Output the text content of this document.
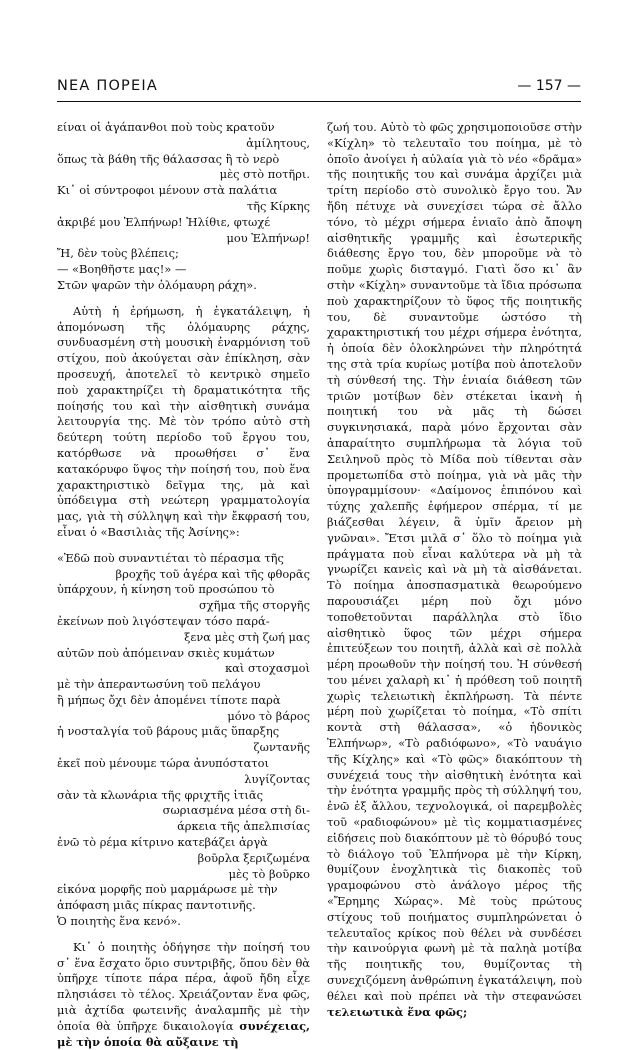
ΝΕΑ ΠΟΡΕΙΑ	— 157 —
είναι οἱ ἀγάπανθοι ποὺ τοὺς κρατοῦν
ἀμίλητους,
ὅπως τὰ βάθη τῆς θάλασσας ἢ τὸ νερὸ
μὲς στὸ ποτῆρι.
Κι᾽ οἱ σύντροφοι μένουν στὰ παλάτια
τῆς Κίρκης
ἀκριβέ μου Ἐλπήνωρ! Ἠλίθιε, φτωχέ
μου Ἐλπήνωρ!
Ἤ, δὲν τοὺς βλέπεις;
— «Βοηθῆστε μας!» —
Στῶν ψαρῶν τὴν ὁλόμαυρη ράχη».

Αὐτὴ ἡ ἐρήμωση, ἡ ἐγκατάλειψη, ἡ ἀπομόνωση τῆς ὁλόμαυρης ράχης, συνδυασμένη στὴ μουσικὴ ἐναρμόνιση τοῦ στίχου, ποὺ ἀκούγεται σὰν ἐπίκληση, σὰν προσευχή, ἀποτελεῖ τὸ κεντρικὸ σημεῖο ποὺ χαρακτηρίζει τὴ δραματικότητα τῆς ποίησής του καὶ τὴν αἰσθητικὴ συνάμα λειτουργία της. Μὲ τὸν τρόπο αὐτὸ στὴ δεύτερη τούτη περίοδο τοῦ ἔργου του, κατόρθωσε νὰ προωθήσει σ᾽ ἕνα κατακόρυφο ὕψος τὴν ποίησή του, ποὺ ἕνα χαρακτηριστικὸ δεῖγμα της, μὰ καὶ ὑπόδειγμα στὴ νεώτερη γραμματολογία μας, γιὰ τὴ σύλληψη καὶ τὴν ἔκφρασή του, εἶναι ὁ «Βασιλιὰς τῆς Ἀσίνης»:

«Ἐδῶ ποὺ συναντιέται τὸ πέρασμα τῆς
βροχῆς τοῦ ἀγέρα καὶ τῆς φθορᾶς
ὑπάρχουν, ἡ κίνηση τοῦ προσώπου τὸ
σχῆμα τῆς στοργῆς
ἐκείνων ποὺ λιγόστεψαν τόσο παρά-
ξενα μὲς στὴ ζωή μας
αὐτῶν ποὺ ἀπόμειναν σκιὲς κυμάτων
καὶ στοχασμοὶ
μὲ τὴν ἀπεραντωσύνη τοῦ πελάγου
ἢ μήπως ὄχι δὲν ἀπομένει τίποτε παρὰ
μόνο τὸ βάρος
ἡ νοσταλγία τοῦ βάρους μιᾶς ὕπαρξης
ζωντανῆς
ἐκεῖ ποὺ μένουμε τώρα ἀνυπόστατοι
λυγίζοντας
σὰν τὰ κλωνάρια τῆς φριχτῆς ἰτιᾶς
σωριασμένα μέσα στὴ δι-
άρκεια τῆς ἀπελπισίας
ἐνῶ τὸ ρέμα κίτρινο κατεβάζει ἀργὰ
βοῦρλα ξεριζωμένα
μὲς τὸ βοῦρκο
εἰκόνα μορφῆς ποὺ μαρμάρωσε μὲ τὴν
ἀπόφαση μιᾶς πίκρας παντοτινῆς.
Ὁ ποιητὴς ἕνα κενό».

Κι᾽ ὁ ποιητὴς ὁδήγησε τὴν ποίησή του σ᾽ ἕνα ἔσχατο ὅριο συντριβῆς, ὅπου δὲν θὰ ὑπῆρχε τίποτε πάρα πέρα, ἀφοῦ ἤδη εἶχε πλησιάσει τὸ τέλος. Χρειάζονταν ἕνα φῶς, μιὰ ἀχτίδα φωτεινῆς ἀναλαμπῆς μὲ τὴν ὁποία θὰ ὑπῆρχε δικαιολογία συνέχειας, μὲ τὴν ὁποία θὰ αὔξαινε τὴ

ζωή του. Αὐτὸ τὸ φῶς χρησιμοποιοῦσε στὴν «Κίχλη» τὸ τελευταῖο του ποίημα, μὲ τὸ ὁποῖο ἀνοίγει ἡ αὐλαία γιὰ τὸ νέο «δρᾶμα» τῆς ποιητικῆς του καὶ συνάμα ἀρχίζει μιὰ τρίτη περίοδο στὸ συνολικὸ ἔργο του. Ἄν ἤδη πέτυχε νὰ συνεχίσει τώρα σὲ ἄλλο τόνο, τὸ μέχρι σήμερα ἑνιαῖο ἀπὸ ἄποψη αἰσθητικῆς γραμμῆς καὶ ἐσωτερικῆς διάθεσης ἔργο του, δὲν μποροῦμε νὰ τὸ ποῦμε χωρὶς δισταγμό. Γιατὶ ὅσο κι᾽ ἂν στὴν «Κίχλη» συναντοῦμε τὰ ἴδια πρόσωπα ποὺ χαρακτηρίζουν τὸ ὕφος τῆς ποιητικῆς του, δὲ συναντοῦμε ὡστόσο τὴ χαρακτηριστική του μέχρι σήμερα ἑνότητα, ἡ ὁποία δὲν ὁλοκληρώνει τὴν πληρότητά της στὰ τρία κυρίως μοτίβα ποὺ ἀποτελοῦν τὴ σύνθεσή της. Τὴν ἑνιαία διάθεση τῶν τριῶν μοτίβων δὲν στέκεται ἱκανὴ ἡ ποιητική του νὰ μᾶς τὴ δώσει συγκινησιακά, παρὰ μόνο ἔρχονται σὰν ἀπαραίτητο συμπλήρωμα τὰ λόγια τοῦ Σειληνοῦ πρὸς τὸ Μίδα ποὺ τίθενται σὰν προμετωπίδα στὸ ποίημα, γιὰ νὰ μᾶς τὴν ὑπογραμμίσουν· «Δαίμονος ἐπιπόνου καὶ τύχης χαλεπῆς ἐφήμερον σπέρμα, τί με βιάζεσθαι λέγειν, ἃ ὑμῖν ἄρειον μὴ γνῶναι». Ἔτσι μιλᾶ σ᾽ ὅλο τὸ ποίημα γιὰ πράγματα ποὺ εἶναι καλύτερα νὰ μὴ τὰ γνωρίζει κανεὶς καὶ νὰ μὴ τὰ αἰσθάνεται. Τὸ ποίημα ἀποσπασματικὰ θεωρούμενο παρουσιάζει μέρη ποὺ ὄχι μόνο τοποθετοῦνται παράλληλα στὸ ἴδιο αἰσθητικὸ ὕφος τῶν μέχρι σήμερα ἐπιτεύξεων του ποιητῆ, ἀλλὰ καὶ σὲ πολλὰ μέρη προωθοῦν τὴν ποίησή του. Ἡ σύνθεσή του μένει χαλαρὴ κι᾽ ἡ πρόθεση τοῦ ποιητῆ χωρὶς τελειωτικὴ ἐκπλήρωση. Τὰ πέντε μέρη ποὺ χωρίζεται τὸ ποίημα, «Τὸ σπίτι κοντὰ στὴ θάλασσα», «ὁ ἡδονικὸς Ἐλπήνωρ», «Τὸ ραδιόφωνο», «Τὸ ναυάγιο τῆς Κίχλης» καὶ «Τὸ φῶς» διακόπτουν τὴ συνέχειά τους τὴν αἰσθητικὴ ἑνότητα καὶ τὴν ἑνότητα γραμμῆς πρὸς τὴ σύλληψή του, ἐνῶ ἐξ ἄλλου, τεχνολογικά, οἱ παρεμβολὲς τοῦ «ραδιοφώνου» μὲ τὶς κομματιασμένες εἰδήσεις ποὺ διακόπτουν μὲ τὸ θόρυβό τους τὸ διάλογο τοῦ Ἐλπήνορα μὲ τὴν Κίρκη, θυμίζουν ἐνοχλητικὰ τὶς διακοπὲς τοῦ γραμοφώνου στὸ ἀνάλογο μέρος τῆς «Ἔρημης Χώρας». Μὲ τοὺς πρώτους στίχους τοῦ ποιήματος συμπληρώνεται ὁ τελευταῖος κρίκος ποὺ θέλει νὰ συνδέσει τὴν καινούργια φωνὴ μὲ τὰ παληὰ μοτίβα τῆς ποιητικῆς του, θυμίζοντας τὴ συνεχιζόμενη ἀνθρώπινη ἐγκατάλειψη, ποὺ θέλει καὶ ποὺ πρέπει νὰ τὴν στεφανώσει τελειωτικὰ ἕνα φῶς;
